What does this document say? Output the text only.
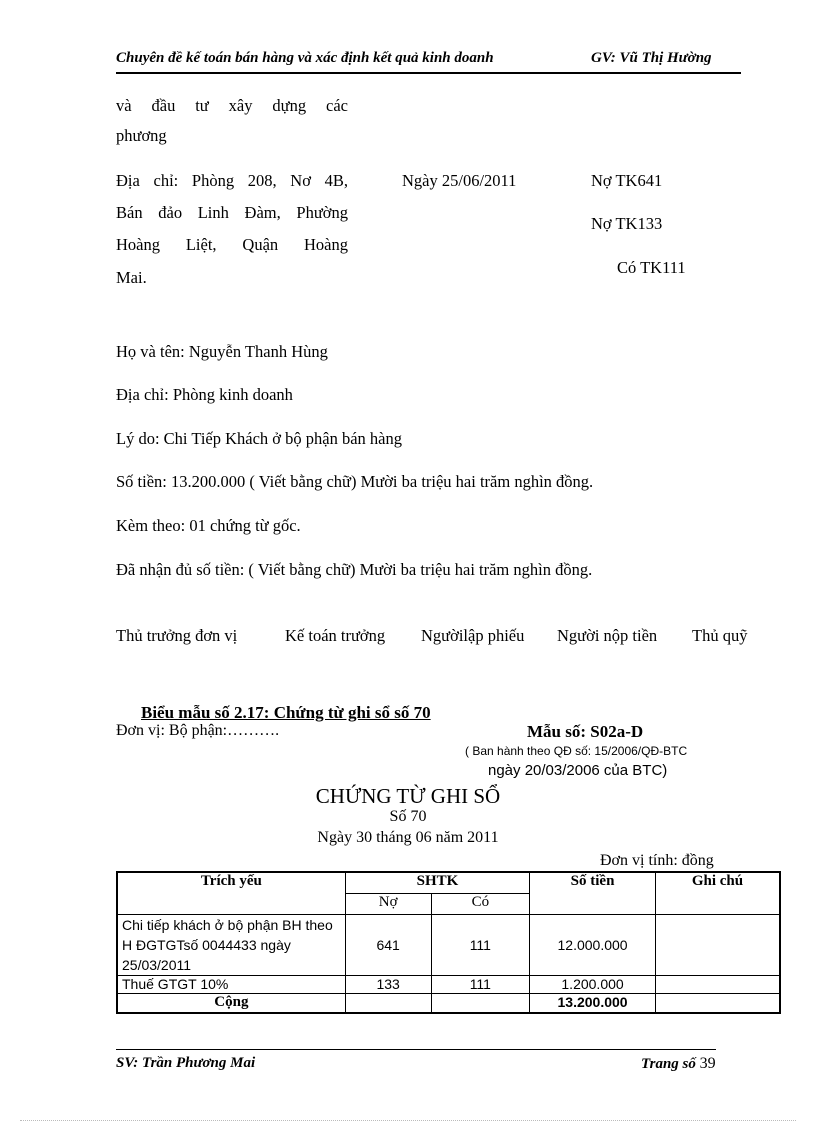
Chuyên đề kế toán bán hàng và xác định kết quả kinh doanh	GV: Vũ Thị Hường
và đầu tư xây dựng các
phương
Địa chỉ: Phòng 208, Nơ 4B,
Bán đảo Linh Đàm, Phường
Hoàng Liệt, Quận Hoàng
Mai.
Ngày 25/06/2011	Nợ TK641
Nợ TK133
Có TK111
Họ và tên: Nguyễn Thanh Hùng
Địa chỉ: Phòng kinh doanh
Lý do: Chi Tiếp Khách ở bộ phận bán hàng
Số tiền: 13.200.000 ( Viết bằng chữ) Mười ba triệu hai trăm nghìn đồng.
Kèm theo: 01 chứng từ gốc.
Đã nhận đủ số tiền: ( Viết bằng chữ) Mười ba triệu hai trăm nghìn đồng.
Thủ trưởng đơn vị	Kế toán trưởng Ngườilập phiếu Người nộp tiền Thủ quỹ
Biểu mẫu số 2.17: Chứng từ ghi sổ số 70
Đơn vị: Bộ phận:……….	Mẫu số: S02a-D
( Ban hành theo QĐ số: 15/2006/QĐ-BTC
ngày 20/03/2006 của BTC)
CHỨNG TỪ GHI SỔ
Số 70
Ngày 30 tháng 06 năm 2011
Đơn vị tính: đồng
Trích yếu	SHTK		Số tiền	Ghi chú
	Nợ	Có		
Chi tiếp khách ở bộ phận BH theo H ĐGTGTsố 0044433 ngày 25/03/2011	641	111	12.000.000	
Thuế GTGT 10%	133	111	1.200.000	
Cộng			13.200.000	
SV: Trần Phương Mai	Trang số 39
